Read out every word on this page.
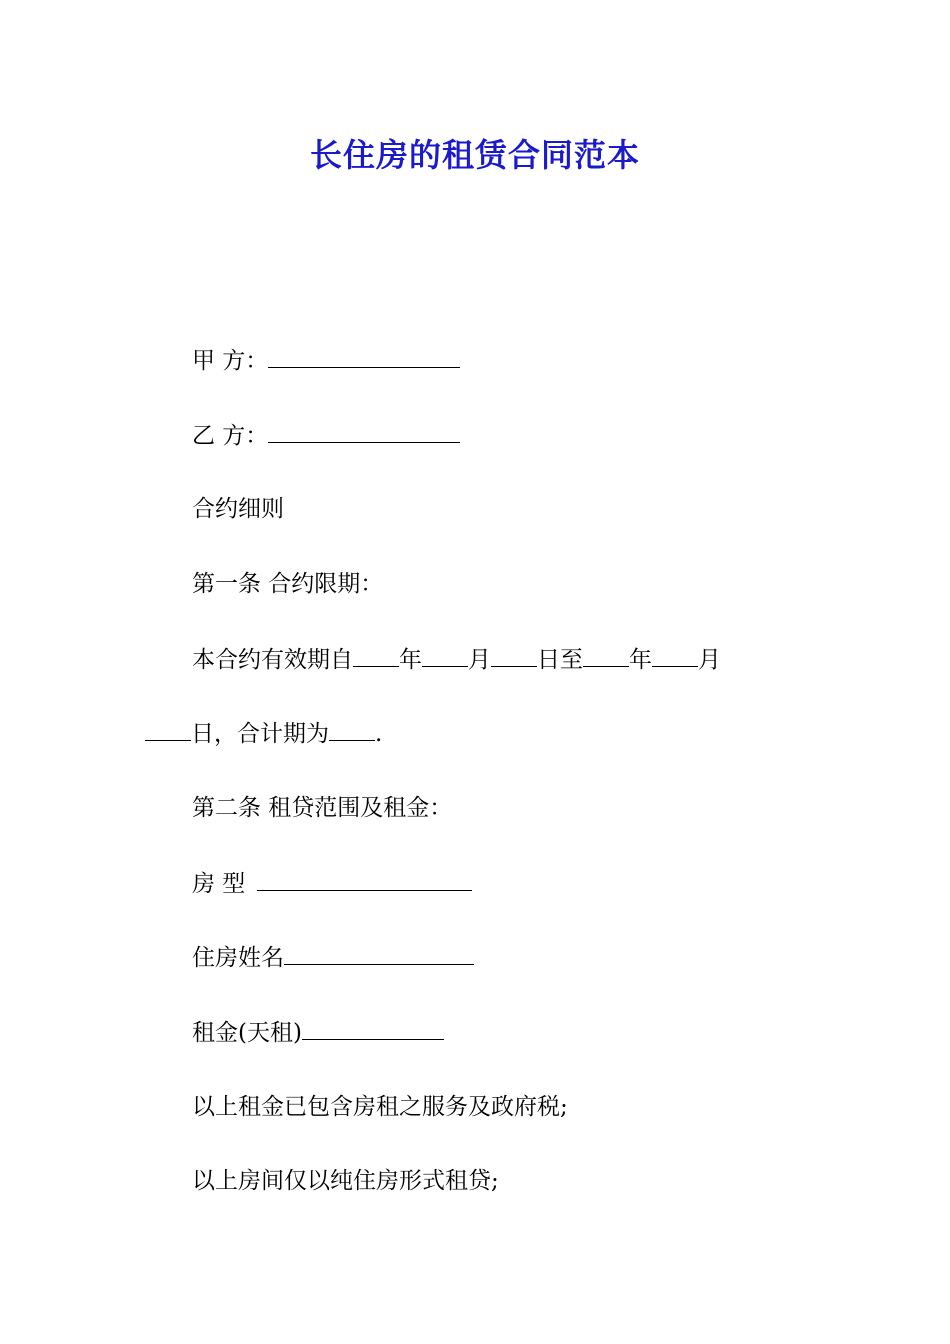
长住房的租赁合同范本
甲 方：
乙 方：
合约细则
第一条 合约限期：
本合约有效期自 年 月 日至 年 月
日，合计期为 .
第二条 租贷范围及租金：
房 型
住房姓名
租金(天租)
以上租金已包含房租之服务及政府税;
以上房间仅以纯住房形式租贷;
